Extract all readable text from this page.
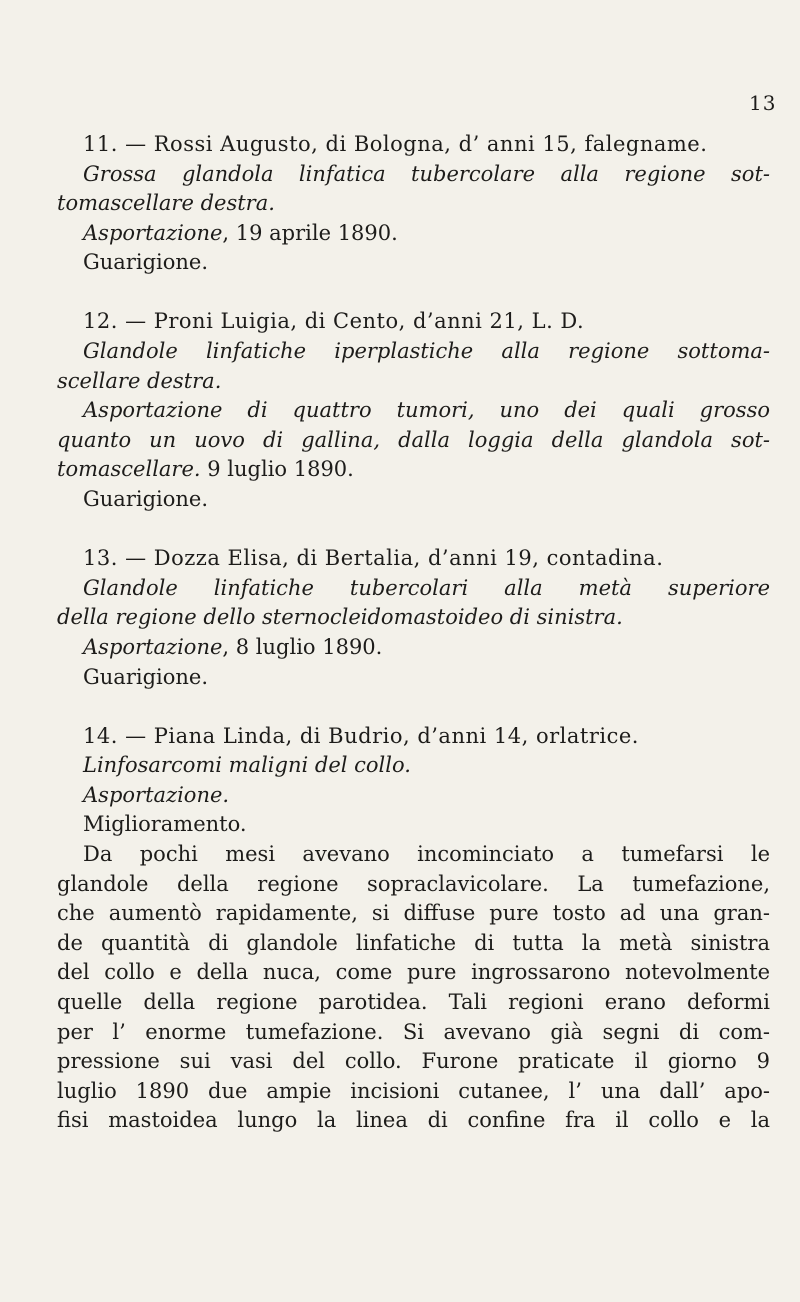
13

11. — Rossi Augusto, di Bologna, d’ anni 15, falegname.

Grossa glandola linfatica tubercolare alla regione sot-

tomascellare destra.

Asportazione, 19 aprile 1890.

Guarigione.

12. — Proni Luigia, di Cento, d’anni 21, L. D.

Glandole linfatiche iperplastiche alla regione sottoma-

scellare destra.

Asportazione di quattro tumori, uno dei quali grosso

quanto un uovo di gallina, dalla loggia della glandola sot-

tomascellare. 9 luglio 1890.

Guarigione.

13. — Dozza Elisa, di Bertalia, d’anni 19, contadina.

Glandole linfatiche tubercolari alla metà superiore

della regione dello sternocleidomastoideo di sinistra.

Asportazione, 8 luglio 1890.

Guarigione.

14. — Piana Linda, di Budrio, d’anni 14, orlatrice.

Linfosarcomi maligni del collo.

Asportazione.

Miglioramento.

Da pochi mesi avevano incominciato a tumefarsi le

glandole della regione sopraclavicolare. La tumefazione,

che aumentò rapidamente, si diffuse pure tosto ad una gran-

de quantità di glandole linfatiche di tutta la metà sinistra

del collo e della nuca, come pure ingrossarono notevolmente

quelle della regione parotidea. Tali regioni erano deformi

per l’ enorme tumefazione. Si avevano già segni di com-

pressione sui vasi del collo. Furone praticate il giorno 9

luglio 1890 due ampie incisioni cutanee, l’ una dall’ apo-

fisi mastoidea lungo la linea di confine fra il collo e la
